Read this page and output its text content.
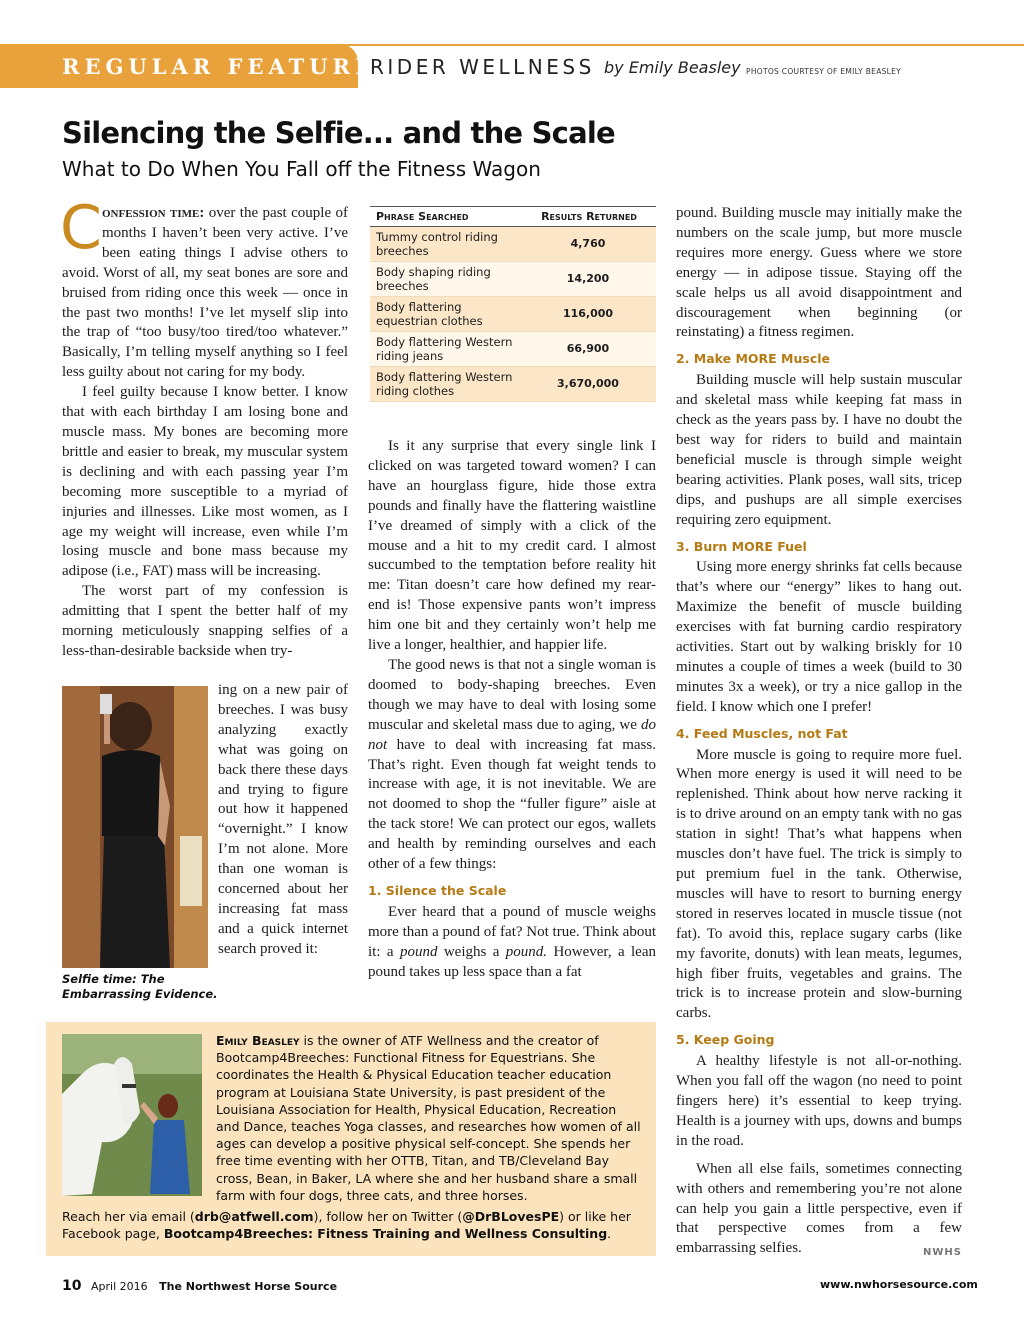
REGULAR FEATURE
RIDER WELLNESS by Emily Beasley PHOTOS COURTESY OF EMILY BEASLEY
Silencing the Selfie... and the Scale
What to Do When You Fall off the Fitness Wagon
C onfession time: over the past couple of months I haven’t been very active. I’ve been eating things I advise others to avoid. Worst of all, my seat bones are sore and bruised from riding once this week — once in the past two months! I’ve let myself slip into the trap of “too busy/too tired/too whatever.” Basically, I’m telling myself anything so I feel less guilty about not caring for my body.

I feel guilty because I know better. I know that with each birthday I am losing bone and muscle mass. My bones are becoming more brittle and easier to break, my muscular system is declining and with each passing year I’m becoming more susceptible to a myriad of injuries and illnesses. Like most women, as I age my weight will increase, even while I’m losing muscle and bone mass because my adipose (i.e., FAT) mass will be increasing.

The worst part of my confession is admitting that I spent the better half of my morning meticulously snapping selfies of a less-than-desirable backside when try-

ing on a new pair of breeches. I was busy analyzing exactly what was going on back there these days and trying to figure out how it happened “overnight.” I know I’m not alone. More than one woman is concerned about her increasing fat mass and a quick internet search proved it:

Selfie time: The Embarrassing Evidence.
Phrase Searched	Results Returned
Tummy control riding breeches	4,760
Body shaping riding breeches	14,200
Body flattering equestrian clothes	116,000
Body flattering Western riding jeans	66,900
Body flattering Western riding clothes	3,670,000

Is it any surprise that every single link I clicked on was targeted toward women? I can have an hourglass figure, hide those extra pounds and finally have the flattering waistline I’ve dreamed of simply with a click of the mouse and a hit to my credit card. I almost succumbed to the temptation before reality hit me: Titan doesn’t care how defined my rear-end is! Those expensive pants won’t impress him one bit and they certainly won’t help me live a longer, healthier, and happier life.

The good news is that not a single woman is doomed to body-shaping breeches. Even though we may have to deal with losing some muscular and skeletal mass due to aging, we do not have to deal with increasing fat mass. That’s right. Even though fat weight tends to increase with age, it is not inevitable. We are not doomed to shop the “fuller figure” aisle at the tack store! We can protect our egos, wallets and health by reminding ourselves and each other of a few things:

1. Silence the Scale

Ever heard that a pound of muscle weighs more than a pound of fat? Not true. Think about it: a pound weighs a pound. However, a lean pound takes up less space than a fat

pound. Building muscle may initially make the numbers on the scale jump, but more muscle requires more energy. Guess where we store energy — in adipose tissue. Staying off the scale helps us all avoid disappointment and discouragement when beginning (or reinstating) a fitness regimen.

2. Make MORE Muscle

Building muscle will help sustain muscular and skeletal mass while keeping fat mass in check as the years pass by. I have no doubt the best way for riders to build and maintain beneficial muscle is through simple weight bearing activities. Plank poses, wall sits, tricep dips, and pushups are all simple exercises requiring zero equipment.

3. Burn MORE Fuel

Using more energy shrinks fat cells because that’s where our “energy” likes to hang out. Maximize the benefit of muscle building exercises with fat burning cardio respiratory activities. Start out by walking briskly for 10 minutes a couple of times a week (build to 30 minutes 3x a week), or try a nice gallop in the field. I know which one I prefer!

4. Feed Muscles, not Fat

More muscle is going to require more fuel. When more energy is used it will need to be replenished. Think about how nerve racking it is to drive around on an empty tank with no gas station in sight! That’s what happens when muscles don’t have fuel. The trick is simply to put premium fuel in the tank. Otherwise, muscles will have to resort to burning energy stored in reserves located in muscle tissue (not fat). To avoid this, replace sugary carbs (like my favorite, donuts) with lean meats, legumes, high fiber fruits, vegetables and grains. The trick is to increase protein and slow-burning carbs.

5. Keep Going

A healthy lifestyle is not all-or-nothing. When you fall off the wagon (no need to point fingers here) it’s essential to keep trying. Health is a journey with ups, downs and bumps in the road.

When all else fails, sometimes connecting with others and remembering you’re not alone can help you gain a little perspective, even if that perspective comes from a few embarrassing selfies.	NWHS

Emily Beasley is the owner of ATF Wellness and the creator of Bootcamp4Breeches: Functional Fitness for Equestrians. She coordinates the Health & Physical Education teacher education program at Louisiana State University, is past president of the Louisiana Association for Health, Physical Education, Recreation and Dance, teaches Yoga classes, and researches how women of all ages can develop a positive physical self-concept. She spends her free time eventing with her OTTB, Titan, and TB/Cleveland Bay cross, Bean, in Baker, LA where she and her husband share a small farm with four dogs, three cats, and three horses.
Reach her via email (drb@atfwell.com), follow her on Twitter (@DrBLovesPE) or like her Facebook page, Bootcamp4Breeches: Fitness Training and Wellness Consulting.
10 April 2016 The Northwest Horse Source	www.nwhorsesource.com
